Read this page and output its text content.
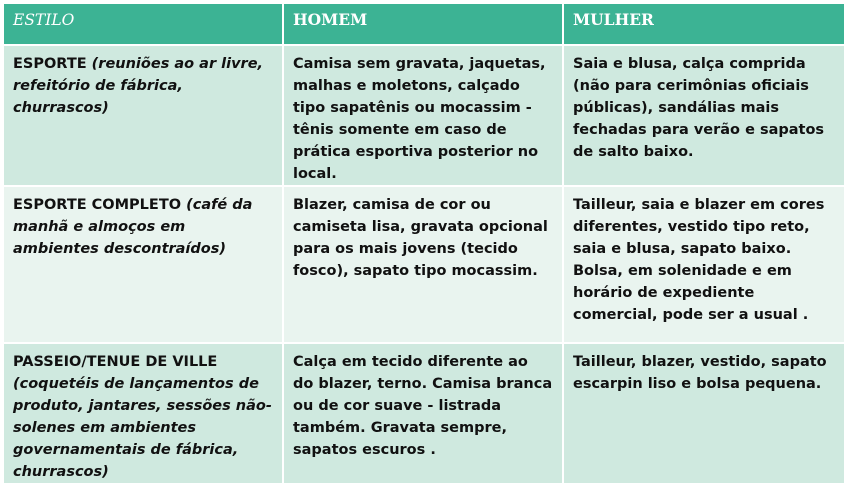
ESTILO	HOMEM	MULHER
ESPORTE (reuniões ao ar livre, refeitório de fábrica, churrascos)	Camisa sem gravata, jaquetas, malhas e moletons, calçado tipo sapatênis ou mocassim - tênis somente em caso de prática esportiva posterior no local.	Saia e blusa, calça comprida (não para cerimônias oficiais públicas), sandálias mais fechadas para verão e sapatos de salto baixo.
ESPORTE COMPLETO (café da manhã e almoços em ambientes descontraídos)	Blazer, camisa de cor ou camiseta lisa, gravata opcional para os mais jovens (tecido fosco), sapato tipo mocassim.	Tailleur, saia e blazer em cores diferentes, vestido tipo reto, saia e blusa, sapato baixo. Bolsa, em solenidade e em horário de expediente comercial, pode ser a usual .
PASSEIO/TENUE DE VILLE (coquetéis de lançamentos de produto, jantares, sessões não-solenes em ambientes governamentais de fábrica, churrascos)	Calça em tecido diferente ao do blazer, terno. Camisa branca ou de cor suave - listrada também. Gravata sempre, sapatos escuros .	Tailleur, blazer, vestido, sapato escarpin liso e bolsa pequena.
